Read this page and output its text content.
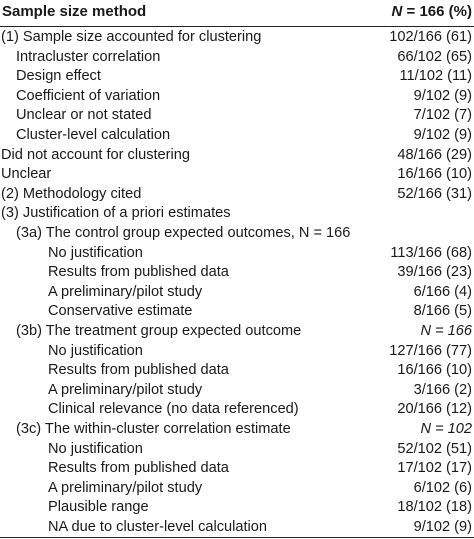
Sample size method	N = 166 (%)
(1) Sample size accounted for clustering	102/166 (61)
Intracluster correlation	66/102 (65)
Design effect	11/102 (11)
Coefficient of variation	9/102 (9)
Unclear or not stated	7/102 (7)
Cluster-level calculation	9/102 (9)
Did not account for clustering	48/166 (29)
Unclear	16/166 (10)
(2) Methodology cited	52/166 (31)
(3) Justification of a priori estimates
(3a) The control group expected outcomes, N = 166
No justification	113/166 (68)
Results from published data	39/166 (23)
A preliminary/pilot study	6/166 (4)
Conservative estimate	8/166 (5)
(3b) The treatment group expected outcome	N = 166
No justification	127/166 (77)
Results from published data	16/166 (10)
A preliminary/pilot study	3/166 (2)
Clinical relevance (no data referenced)	20/166 (12)
(3c) The within-cluster correlation estimate	N = 102
No justification	52/102 (51)
Results from published data	17/102 (17)
A preliminary/pilot study	6/102 (6)
Plausible range	18/102 (18)
NA due to cluster-level calculation	9/102 (9)
